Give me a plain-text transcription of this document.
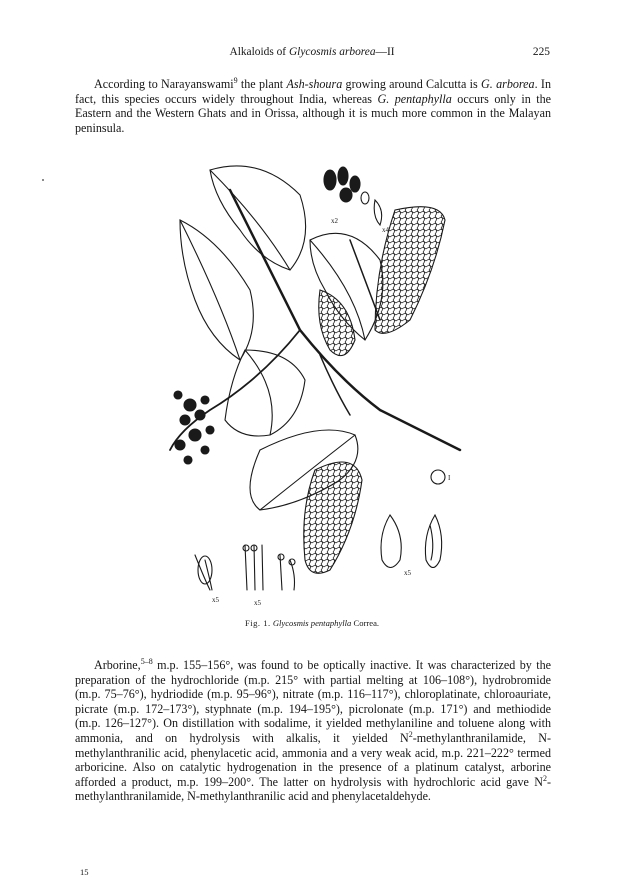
Alkaloids of Glycosmis arborea—II	225

According to Narayanswami$^9$ the plant Ash-shoura growing around Calcutta is G. arborea. In fact, this species occurs widely throughout India, whereas G. pentaphylla occurs only in the Eastern and the Western Ghats and in Orissa, although it is much more common in the Malayan peninsula.

x2
x4
I
x5
x5	x5
Fig. 1. Glycosmis pentaphylla Correa.

Arborine,$^{5-8}$ m.p. 155–156°, was found to be optically inactive. It was characterized by the preparation of the hydrochloride (m.p. 215° with partial melting at 106–108°), hydrobromide (m.p. 75–76°), hydriodide (m.p. 95–96°), nitrate (m.p. 116–117°), chloroplatinate, chloroauriate, picrate (m.p. 172–173°), styphnate (m.p. 194–195°), picrolonate (m.p. 171°) and methiodide (m.p. 126–127°). On distillation with sodalime, it yielded methylaniline and toluene along with ammonia, and on hydrolysis with alkalis, it yielded $N^2$-methylanthranilamide, N-methylanthranilic acid, phenylacetic acid, ammonia and a very weak acid, m.p. 221–222° termed arboricine. Also on catalytic hydrogenation in the presence of a platinum catalyst, arborine afforded a product, m.p. 199–200°. The latter on hydrolysis with hydrochloric acid gave $N^2$-methylanthranilamide, N-methylanthranilic acid and phenylacetaldehyde.

15
